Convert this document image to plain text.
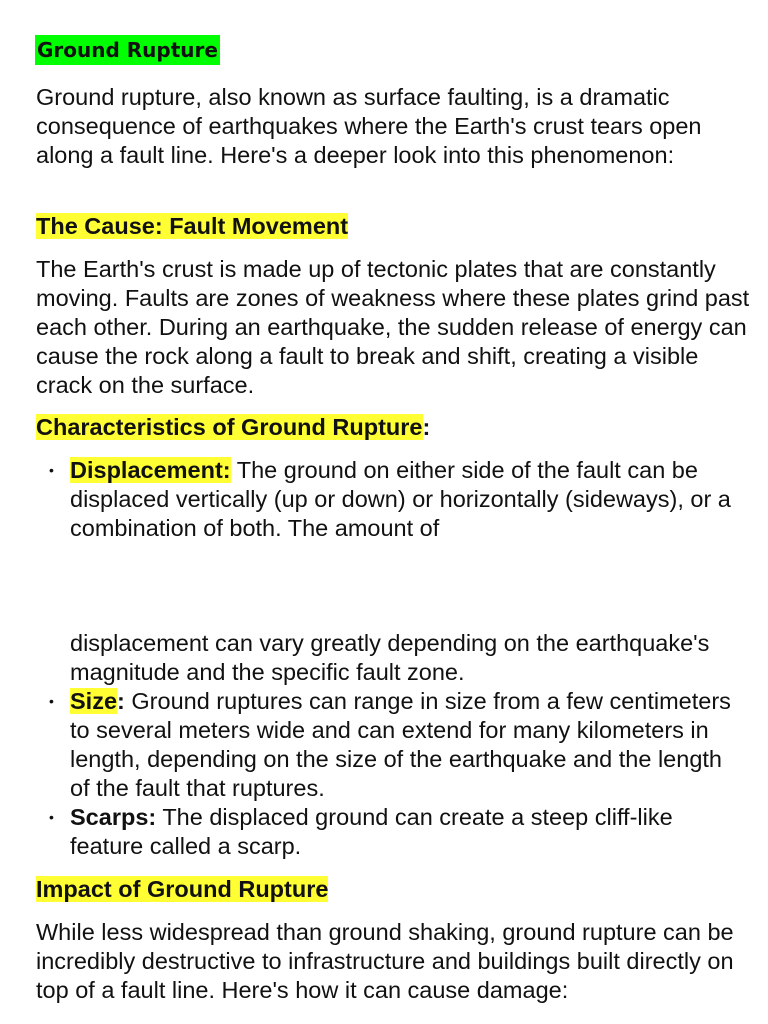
Ground Rupture

Ground rupture, also known as surface faulting, is a dramatic consequence of earthquakes where the Earth's crust tears open along a fault line. Here's a deeper look into this phenomenon:

The Cause: Fault Movement

The Earth's crust is made up of tectonic plates that are constantly moving. Faults are zones of weakness where these plates grind past each other. During an earthquake, the sudden release of energy can cause the rock along a fault to break and shift, creating a visible crack on the surface.

Characteristics of Ground Rupture:
• Displacement: The ground on either side of the fault can be displaced vertically (up or down) or horizontally (sideways), or a combination of both. The amount of
displacement can vary greatly depending on the earthquake's magnitude and the specific fault zone.
• Size: Ground ruptures can range in size from a few centimeters to several meters wide and can extend for many kilometers in length, depending on the size of the earthquake and the length of the fault that ruptures.
• Scarps: The displaced ground can create a steep cliff-like feature called a scarp.
Impact of Ground Rupture

While less widespread than ground shaking, ground rupture can be incredibly destructive to infrastructure and buildings built directly on top of a fault line. Here's how it can cause damage:
